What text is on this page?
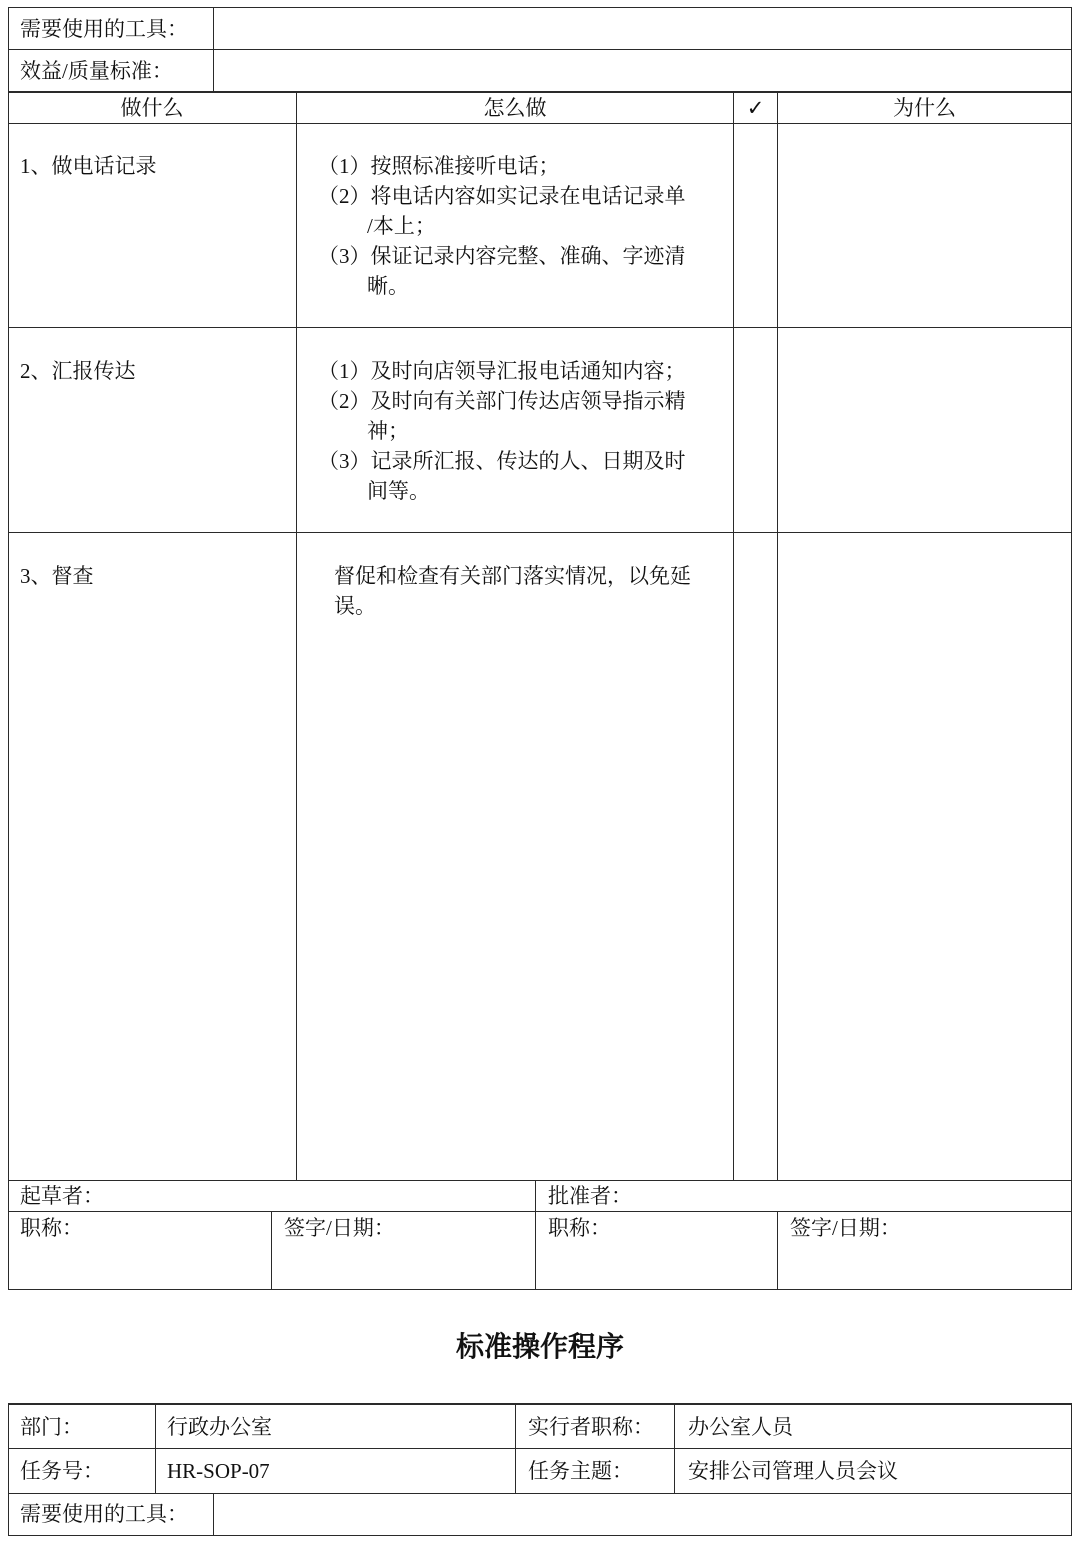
需要使用的工具：
效益/质量标准：
做什么	怎么做	✓	为什么
1、做电话记录	（1）按照标准接听电话；
（2）将电话内容如实记录在电话记录单
/本上；
（3）保证记录内容完整、准确、字迹清
晰。
2、汇报传达	（1）及时向店领导汇报电话通知内容；
（2）及时向有关部门传达店领导指示精
神；
（3）记录所汇报、传达的人、日期及时
间等。
3、督查	督促和检查有关部门落实情况，以免延
误。
起草者：	批准者：
职称：	签字/日期：	职称：	签字/日期：
标准操作程序
部门：	行政办公室	实行者职称： 办公室人员
任务号：	HR-SOP-07	任务主题：	安排公司管理人员会议
需要使用的工具：
